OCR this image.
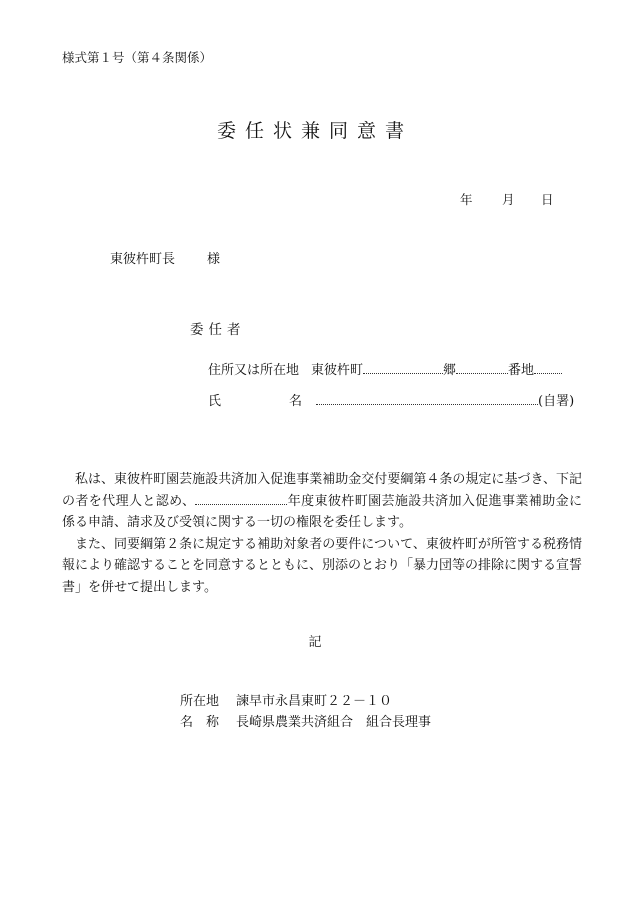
様式第１号（第４条関係）
委任状兼同意書
年 月 日
東彼杵町長 様
委任者
住所又は所在地 東彼杵町	郷	番地
氏	名	(自署)

私は、東彼杵町園芸施設共済加入促進事業補助金交付要綱第４条の規定に基づき、下記の者を代理人と認め、	年度東彼杵町園芸施設共済加入促進事業補助金に係る申請、請求及び受領に関する一切の権限を委任します。

また、同要綱第２条に規定する補助対象者の要件について、東彼杵町が所管する税務情報により確認することを同意するとともに、別添のとおり「暴力団等の排除に関する宣誓書」を併せて提出します。

記
所在地 諫早市永昌東町２２－１０
名　称 長崎県農業共済組合　組合長理事
